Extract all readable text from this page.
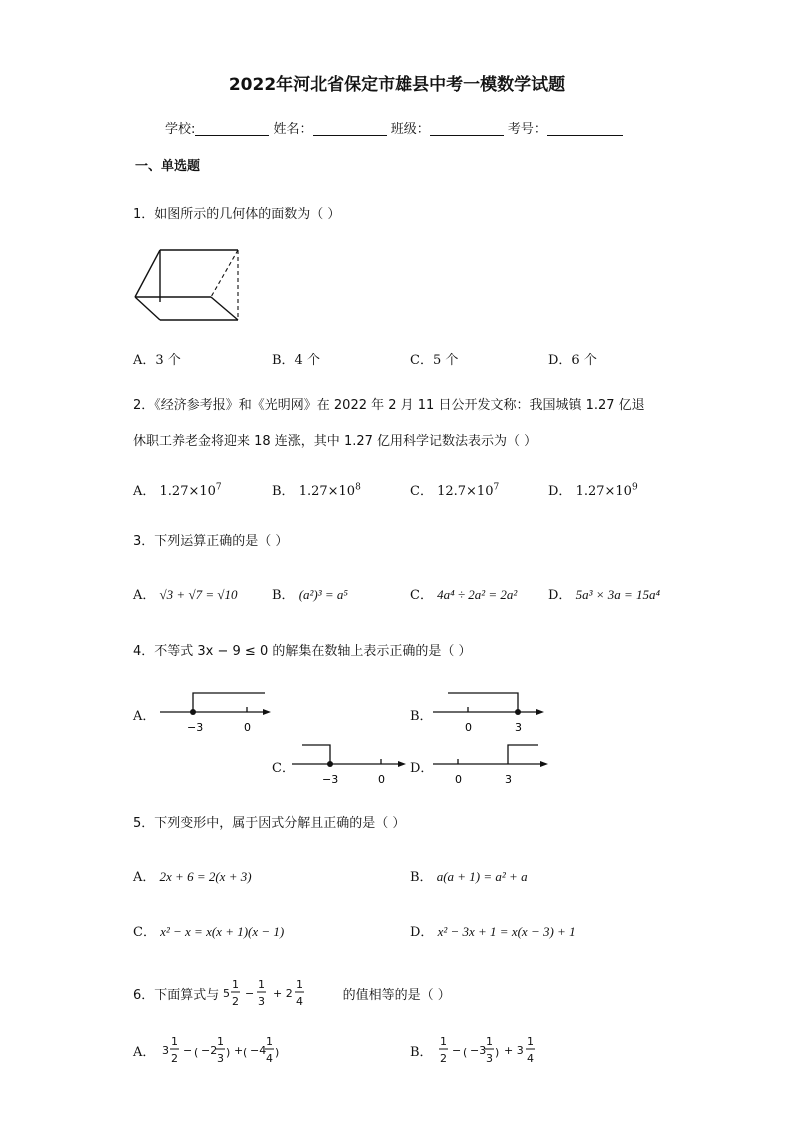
2022年河北省保定市雄县中考一模数学试题
学校:	姓名：	班级：	考号：
一、单选题
1．如图所示的几何体的面数为（ ）
A．3 个	B．4 个	C．5 个	D．6 个
2．《经济参考报》和《光明网》在 2022 年 2 月 11 日公开发文称：我国城镇 1.27 亿退
休职工养老金将迎来 18 连涨，其中 1.27 亿用科学记数法表示为（ ）
A． $1.27\times 10^7$	B． $1.27\times 10^8$	C． $12.7\times 10^7$	D． $1.27\times 10^9$
3．下列运算正确的是（ ）
A． √3 + √7 = √10	B． (a²)³ = a⁵	C． 4a⁴ ÷ 2a² = 2a² D． 5a³ × 3a = 15a⁴
4．不等式 3x − 9 ≤ 0 的解集在数轴上表示正确的是（ ）
A．
−3	0
B．
0	3
C．
−3	0
D．
0	3
5．下列变形中，属于因式分解且正确的是（ ）
A． 2x + 6 = 2(x + 3)	B． a(a + 1) = a² + a
C． x² − x = x(x + 1)(x − 1)	D． x² − 3x + 1 = x(x − 3) + 1
6．下面算式与 5
1
2
−
1
3
+ 2
1
4	的值相等的是（ ）
A． 3
1
2
− ( −2
1
3 ) + ( −4
1
4 )	B．
1
2
− ( −3
1
3 ) + 3
1
4
